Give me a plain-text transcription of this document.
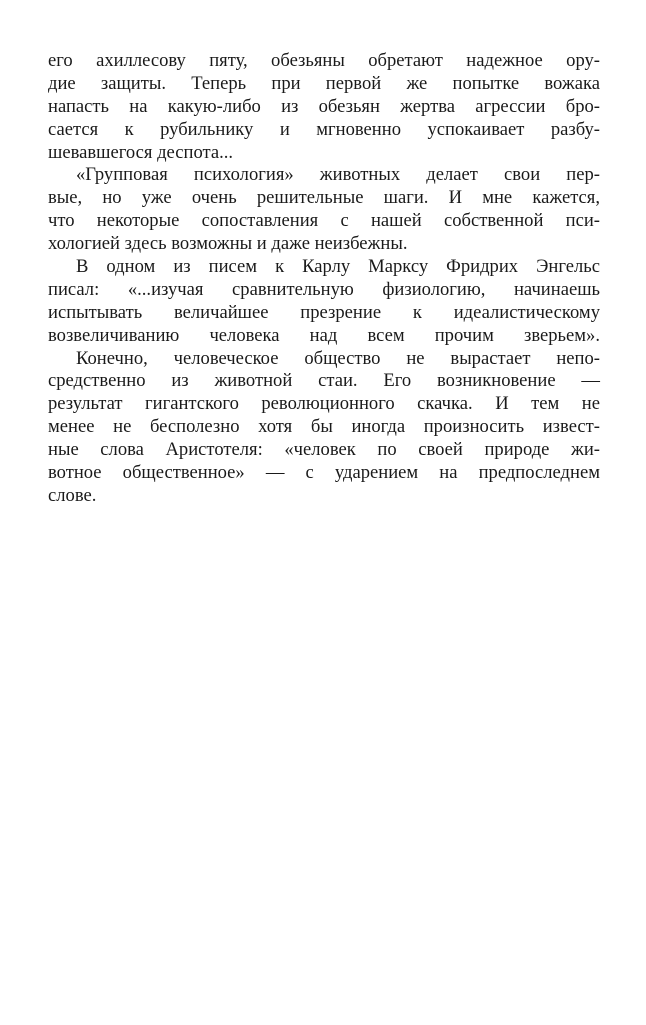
его ахиллесову пяту, обезьяны обретают надежное ору-
дие защиты. Теперь при первой же попытке вожака
напасть на какую-либо из обезьян жертва агрессии бро-
сается к рубильнику и мгновенно успокаивает разбу-
шевавшегося деспота...
«Групповая психология» животных делает свои пер-
вые, но уже очень решительные шаги. И мне кажется,
что некоторые сопоставления с нашей собственной пси-
хологией здесь возможны и даже неизбежны.
В одном из писем к Карлу Марксу Фридрих Энгельс
писал: «...изучая сравнительную физиологию, начинаешь
испытывать величайшее презрение к идеалистическому
возвеличиванию человека над всем прочим зверьем».
Конечно, человеческое общество не вырастает непо-
средственно из животной стаи. Его возникновение —
результат гигантского революционного скачка. И тем не
менее не бесполезно хотя бы иногда произносить извест-
ные слова Аристотеля: «человек по своей природе жи-
вотное общественное» — с ударением на предпоследнем
слове.
